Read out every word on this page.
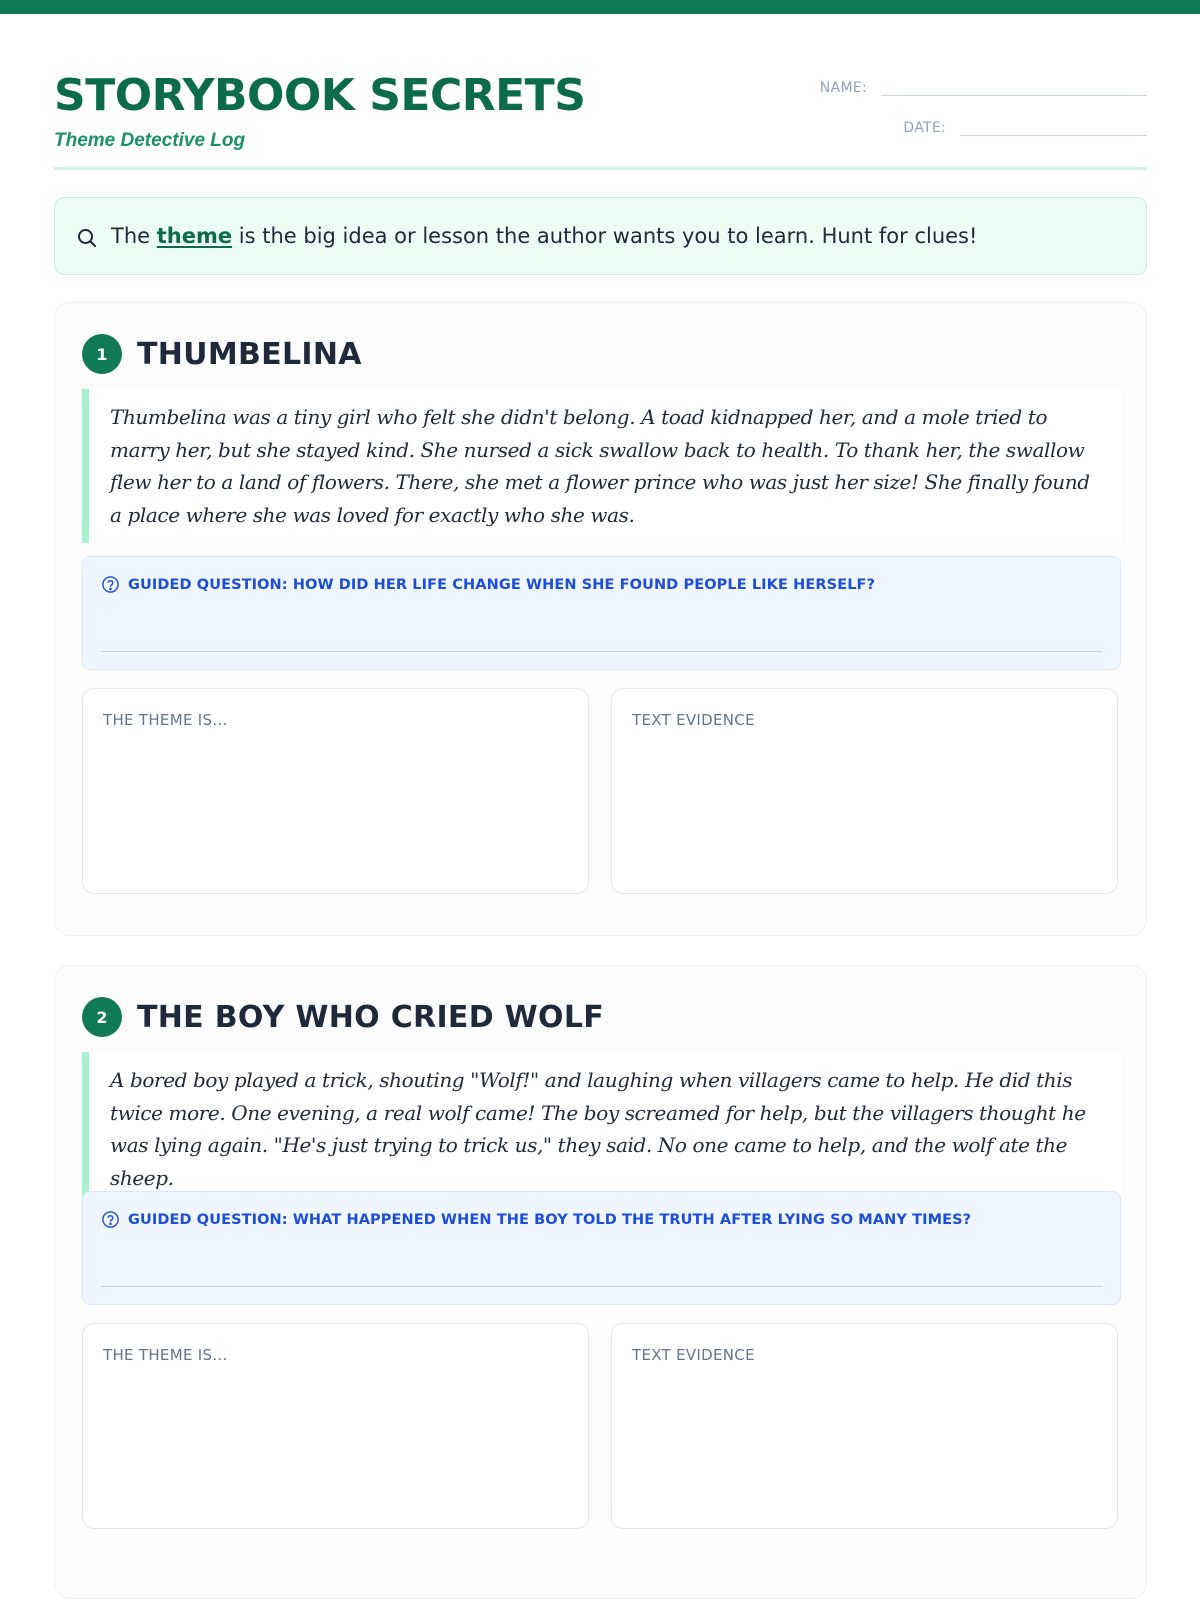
STORYBOOK SECRETS
Theme Detective Log
NAME:
DATE:
The theme is the big idea or lesson the author wants you to learn. Hunt for clues!
1 THUMBELINA

Thumbelina was a tiny girl who felt she didn't belong. A toad kidnapped her, and a mole tried to marry her, but she stayed kind. She nursed a sick swallow back to health. To thank her, the swallow flew her to a land of flowers. There, she met a flower prince who was just her size! She finally found a place where she was loved for exactly who she was.

GUIDED QUESTION: HOW DID HER LIFE CHANGE WHEN SHE FOUND PEOPLE LIKE HERSELF?
THE THEME IS...	TEXT EVIDENCE
2 THE BOY WHO CRIED WOLF

A bored boy played a trick, shouting "Wolf!" and laughing when villagers came to help. He did this twice more. One evening, a real wolf came! The boy screamed for help, but the villagers thought he was lying again. "He's just trying to trick us," they said. No one came to help, and the wolf ate the sheep.

GUIDED QUESTION: WHAT HAPPENED WHEN THE BOY TOLD THE TRUTH AFTER LYING SO MANY TIMES?
THE THEME IS...	TEXT EVIDENCE
